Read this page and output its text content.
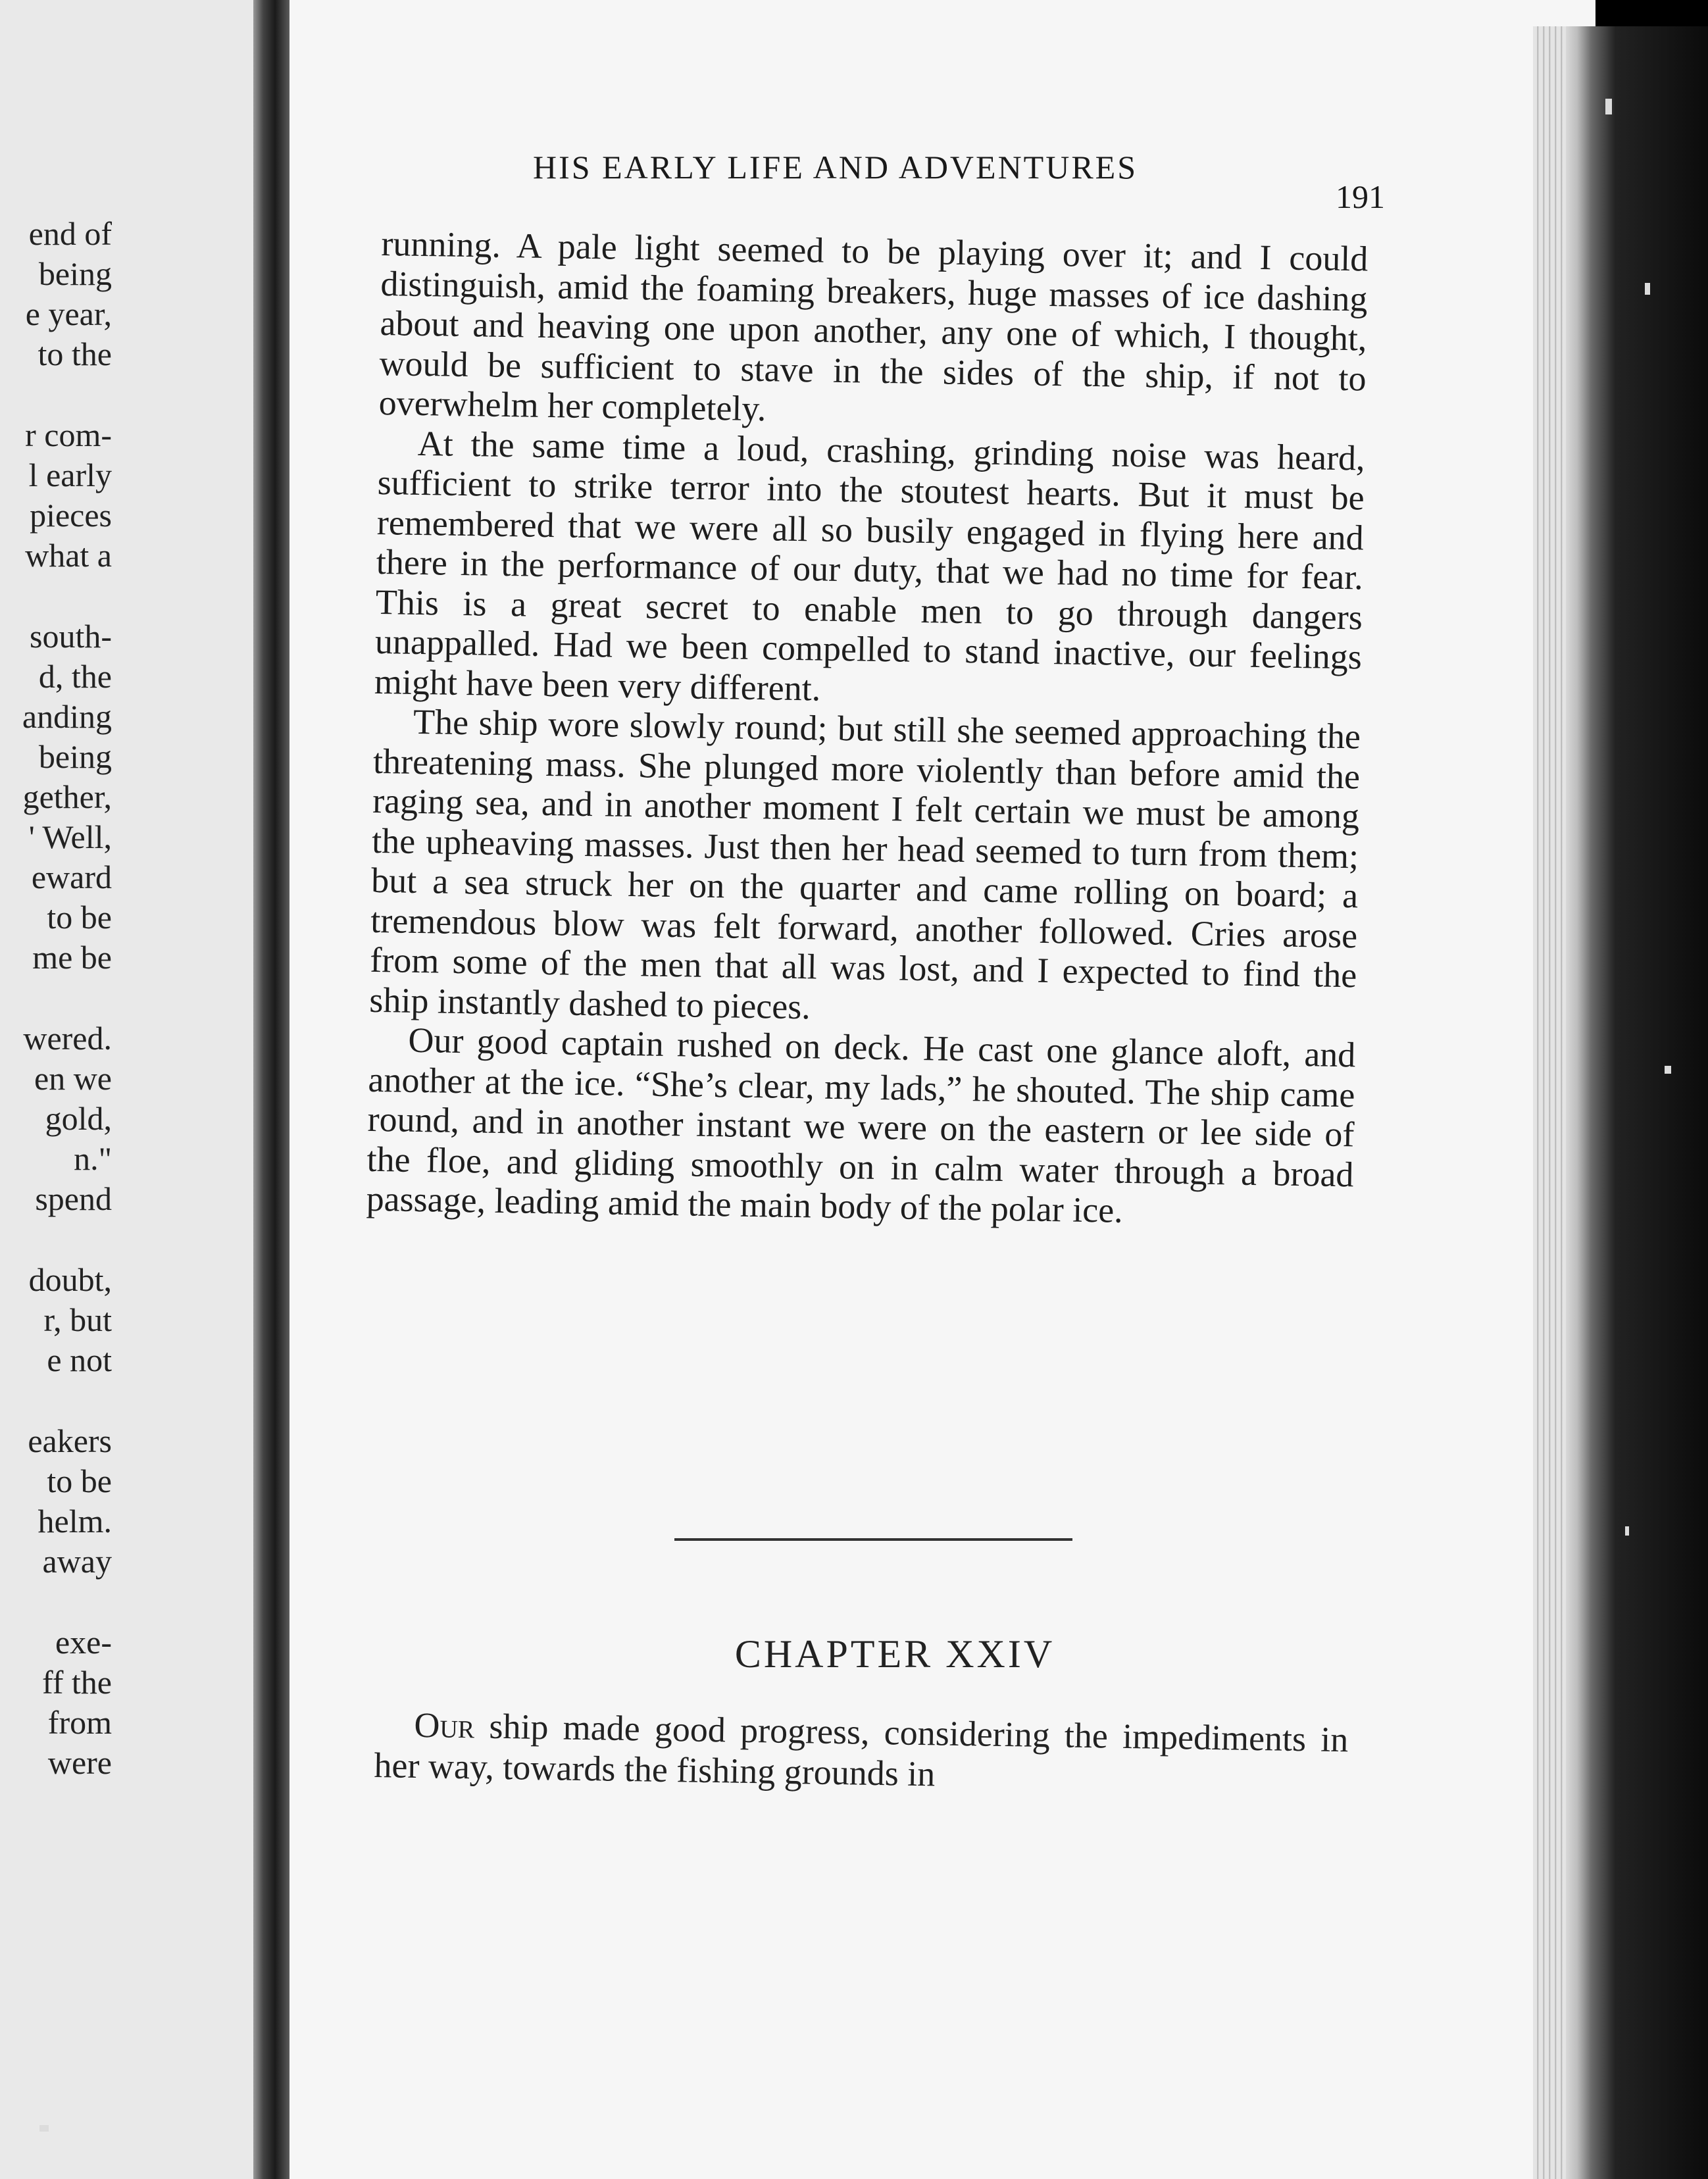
end of
being
e year,
to the
r com-
l early
pieces
what a
south-
d, the
anding
being
gether,
' Well,
eward
to be
me be
wered.
en we
gold,
n."
spend
doubt,
r, but
e not
eakers
to be
helm.
away
exe-
ff the
from
were
HIS EARLY LIFE AND ADVENTURES
191

running. A pale light seemed to be playing over it; and I could distinguish, amid the foaming breakers, huge masses of ice dashing about and heaving one upon another, any one of which, I thought, would be sufficient to stave in the sides of the ship, if not to overwhelm her completely.

At the same time a loud, crashing, grinding noise was heard, sufficient to strike terror into the stoutest hearts. But it must be remembered that we were all so busily engaged in flying here and there in the performance of our duty, that we had no time for fear. This is a great secret to enable men to go through dangers unappalled. Had we been compelled to stand inactive, our feelings might have been very different.

The ship wore slowly round; but still she seemed approaching the threatening mass. She plunged more violently than before amid the raging sea, and in another moment I felt certain we must be among the upheaving masses. Just then her head seemed to turn from them; but a sea struck her on the quarter and came rolling on board; a tremendous blow was felt forward, another followed. Cries arose from some of the men that all was lost, and I expected to find the ship instantly dashed to pieces.

Our good captain rushed on deck. He cast one glance aloft, and another at the ice. “She’s clear, my lads,” he shouted. The ship came round, and in another instant we were on the eastern or lee side of the floe, and gliding smoothly on in calm water through a broad passage, leading amid the main body of the polar ice.

CHAPTER XXIV

Our ship made good progress, considering the impediments in her way, towards the fishing grounds in
